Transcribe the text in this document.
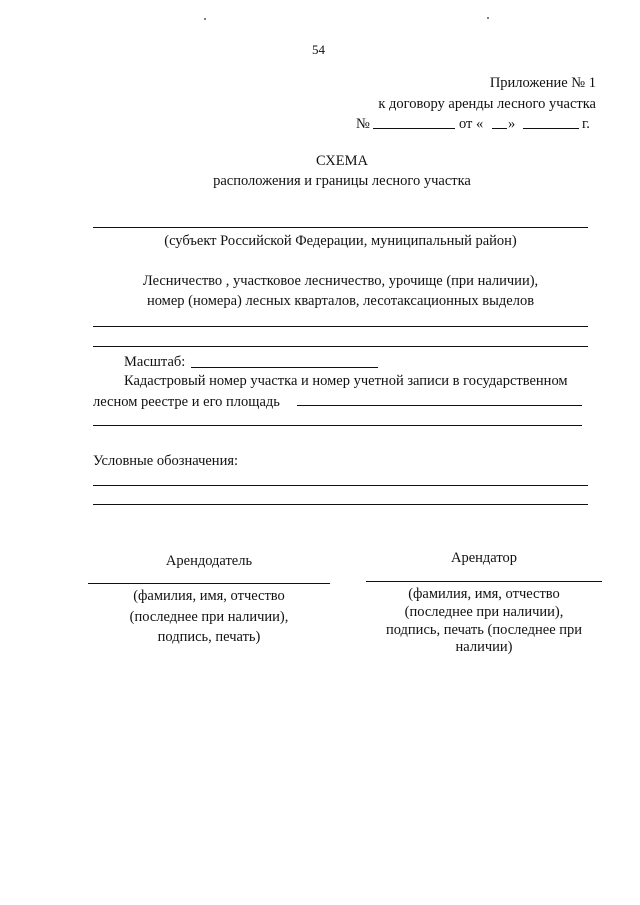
54
Приложение № 1
к договору аренды лесного участка
№	от « »	г.
СХЕМА
расположения и границы лесного участка
(субъект Российской Федерации, муниципальный район)
Лесничество , участковое лесничество, урочище (при наличии),
номер (номера) лесных кварталов, лесотаксационных выделов
Масштаб:
Кадастровый номер участка и номер учетной записи в государственном
лесном реестре и его площадь
Условные обозначения:
Арендодатель
(фамилия, имя, отчество
(последнее при наличии),
подпись, печать)
Арендатор
(фамилия, имя, отчество
(последнее при наличии),
подпись, печать (последнее при
наличии)
